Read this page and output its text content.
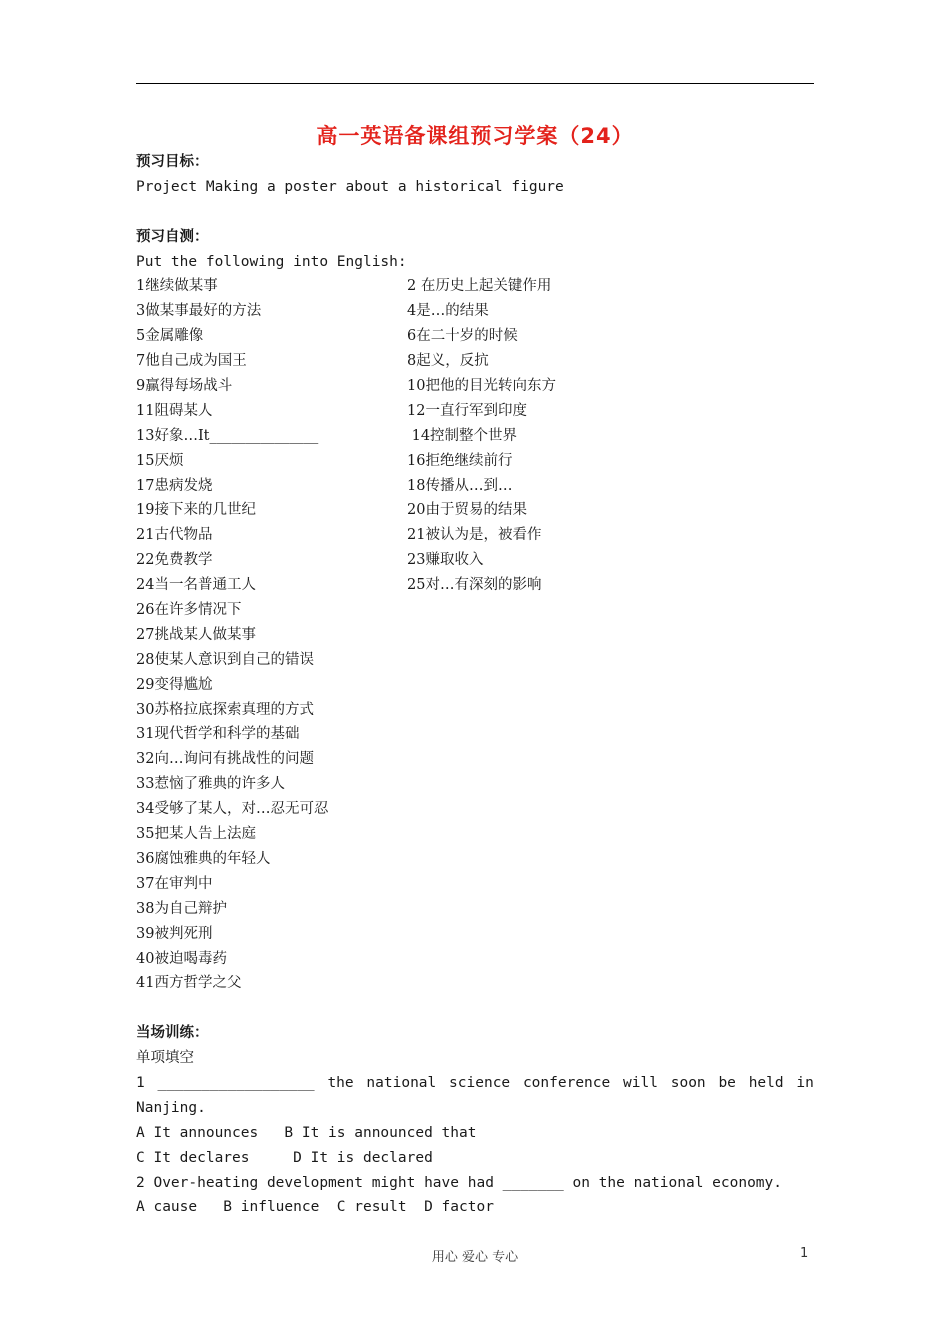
高一英语备课组预习学案（24）
预习目标：
Project Making a poster about a historical figure
预习自测：
Put the following into English:
1继续做某事	2 在历史上起关键作用
3做某事最好的方法	4是…的结果
5金属雕像	6在二十岁的时候
7他自己成为国王	8起义，反抗
9赢得每场战斗	10把他的目光转向东方
11阻碍某人	12一直行军到印度
13好象…It_______________	14控制整个世界
15厌烦	16拒绝继续前行
17患病发烧	18传播从…到…
19接下来的几世纪	20由于贸易的结果
21古代物品	21被认为是，被看作
22免费教学	23赚取收入
24当一名普通工人	25对…有深刻的影响
26在许多情况下
27挑战某人做某事
28使某人意识到自己的错误
29变得尴尬
30苏格拉底探索真理的方式
31现代哲学和科学的基础
32向…询问有挑战性的问题
33惹恼了雅典的许多人
34受够了某人，对…忍无可忍
35把某人告上法庭
36腐蚀雅典的年轻人
37在审判中
38为自己辩护
39被判死刑
40被迫喝毒药
41西方哲学之父
当场训练：
单项填空
1 __________________ the national science conference will soon be held in
Nanjing.
A It announces   B It is announced that
C It declares     D It is declared
2 Over-heating development might have had _______ on the national economy.
A cause   B influence  C result  D factor
用心 爱心 专心	1
